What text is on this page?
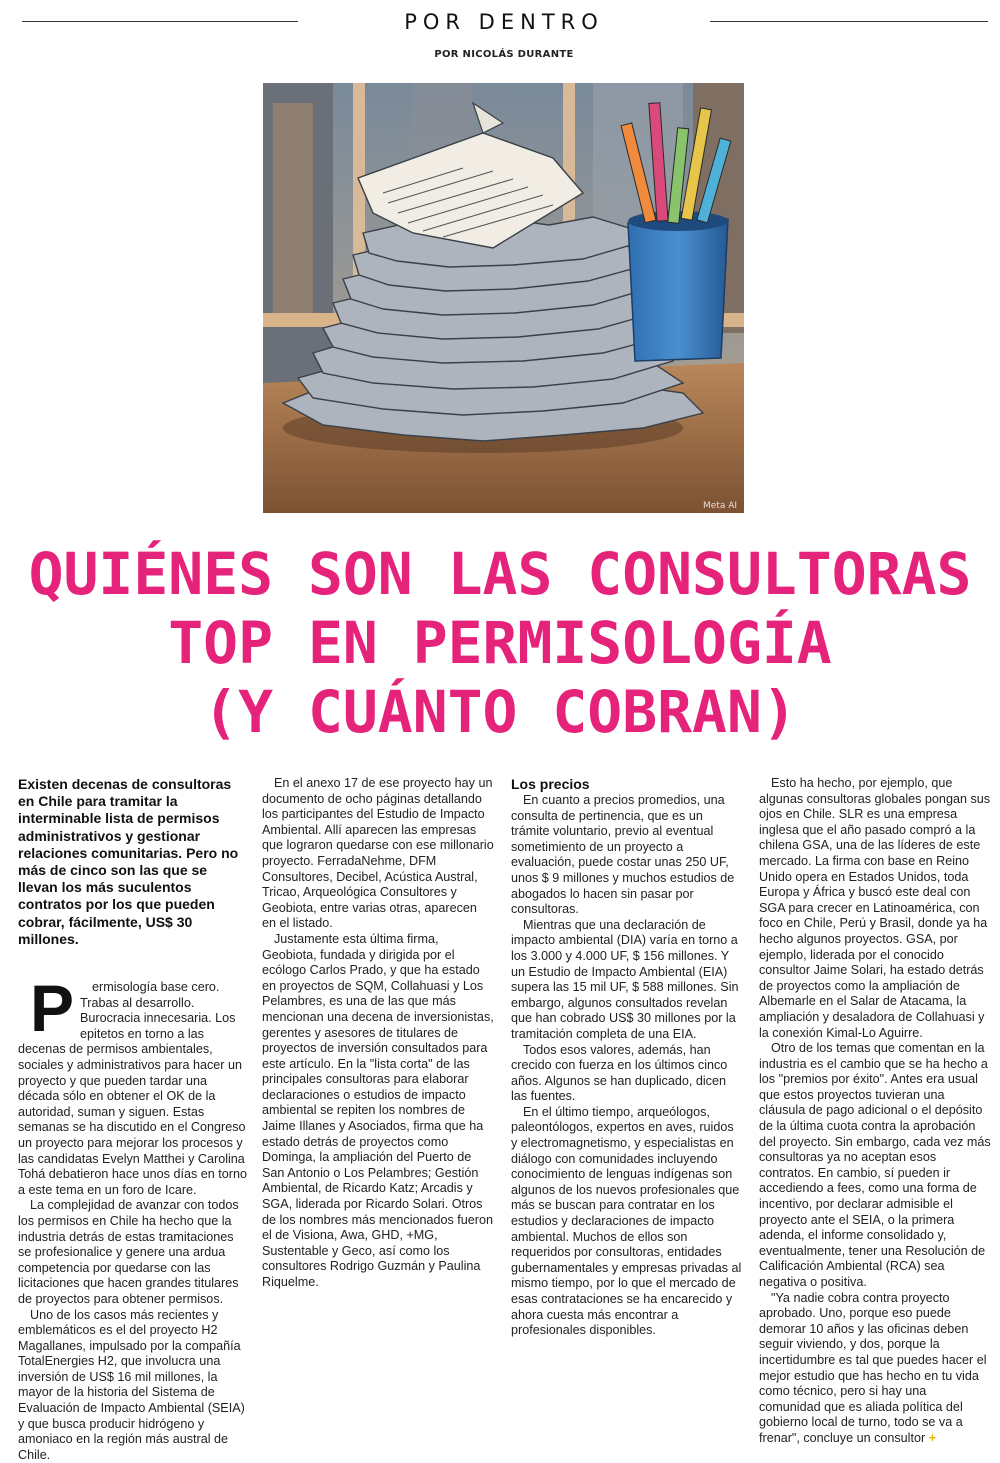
POR DENTRO
POR NICOLÁS DURANTE
Meta AI
QUIÉNES SON LAS CONSULTORAS
TOP EN PERMISOLOGÍA
(Y CUÁNTO COBRAN)
Existen decenas de consultoras en Chile para tramitar la interminable lista de permisos administrativos y gestionar relaciones comunitarias. Pero no más de cinco son las que se llevan los más suculentos contratos por los que pueden cobrar, fácilmente, US$ 30 millones.

P ermisología base cero. Trabas al desarrollo. Burocracia innecesaria. Los epitetos en torno a las decenas de permisos ambientales, sociales y administrativos para hacer un proyecto y que pueden tardar una década sólo en obtener el OK de la autoridad, suman y siguen. Estas semanas se ha discutido en el Congreso un proyecto para mejorar los procesos y las candidatas Evelyn Matthei y Carolina Tohá debatieron hace unos días en torno a este tema en un foro de Icare.

La complejidad de avanzar con todos los permisos en Chile ha hecho que la industria detrás de estas tramitaciones se profesionalice y genere una ardua competencia por quedarse con las licitaciones que hacen grandes titulares de proyectos para obtener permisos.

Uno de los casos más recientes y emblemáticos es el del proyecto H2 Magallanes, impulsado por la compañía TotalEnergies H2, que involucra una inversión de US$ 16 mil millones, la mayor de la historia del Sistema de Evaluación de Impacto Ambiental (SEIA) y que busca producir hidrógeno y amoniaco en la región más austral de Chile.

En el anexo 17 de ese proyecto hay un documento de ocho páginas detallando los participantes del Estudio de Impacto Ambiental. Allí aparecen las empresas que lograron quedarse con ese millonario proyecto. FerradaNehme, DFM Consultores, Decibel, Acústica Austral, Tricao, Arqueológica Consultores y Geobiota, entre varias otras, aparecen en el listado.

Justamente esta última firma, Geobiota, fundada y dirigida por el ecólogo Carlos Prado, y que ha estado en proyectos de SQM, Collahuasi y Los Pelambres, es una de las que más mencionan una decena de inversionistas, gerentes y asesores de titulares de proyectos de inversión consultados para este artículo. En la "lista corta" de las principales consultoras para elaborar declaraciones o estudios de impacto ambiental se repiten los nombres de Jaime Illanes y Asociados, firma que ha estado detrás de proyectos como Dominga, la ampliación del Puerto de San Antonio o Los Pelambres; Gestión Ambiental, de Ricardo Katz; Arcadis y SGA, liderada por Ricardo Solari. Otros de los nombres más mencionados fueron el de Visiona, Awa, GHD, +MG, Sustentable y Geco, así como los consultores Rodrigo Guzmán y Paulina Riquelme.

Los precios

En cuanto a precios promedios, una consulta de pertinencia, que es un trámite voluntario, previo al eventual sometimiento de un proyecto a evaluación, puede costar unas 250 UF, unos $ 9 millones y muchos estudios de abogados lo hacen sin pasar por consultoras.

Mientras que una declaración de impacto ambiental (DIA) varía en torno a los 3.000 y 4.000 UF, $ 156 millones. Y un Estudio de Impacto Ambiental (EIA) supera las 15 mil UF, $ 588 millones. Sin embargo, algunos consultados revelan que han cobrado US$ 30 millones por la tramitación completa de una EIA.

Todos esos valores, además, han crecido con fuerza en los últimos cinco años. Algunos se han duplicado, dicen las fuentes.

En el último tiempo, arqueólogos, paleontólogos, expertos en aves, ruidos y electromagnetismo, y especialistas en diálogo con comunidades incluyendo conocimiento de lenguas indígenas son algunos de los nuevos profesionales que más se buscan para contratar en los estudios y declaraciones de impacto ambiental. Muchos de ellos son requeridos por consultoras, entidades gubernamentales y empresas privadas al mismo tiempo, por lo que el mercado de esas contrataciones se ha encarecido y ahora cuesta más encontrar a profesionales disponibles.

Esto ha hecho, por ejemplo, que algunas consultoras globales pongan sus ojos en Chile. SLR es una empresa inglesa que el año pasado compró a la chilena GSA, una de las líderes de este mercado. La firma con base en Reino Unido opera en Estados Unidos, toda Europa y África y buscó este deal con SGA para crecer en Latinoamérica, con foco en Chile, Perú y Brasil, donde ya ha hecho algunos proyectos. GSA, por ejemplo, liderada por el conocido consultor Jaime Solari, ha estado detrás de proyectos como la ampliación de Albemarle en el Salar de Atacama, la ampliación y desaladora de Collahuasi y la conexión Kimal-Lo Aguirre.

Otro de los temas que comentan en la industria es el cambio que se ha hecho a los "premios por éxito". Antes era usual que estos proyectos tuvieran una cláusula de pago adicional o el depósito de la última cuota contra la aprobación del proyecto. Sin embargo, cada vez más consultoras ya no aceptan esos contratos. En cambio, sí pueden ir accediendo a fees, como una forma de incentivo, por declarar admisible el proyecto ante el SEIA, o la primera adenda, el informe consolidado y, eventualmente, tener una Resolución de Calificación Ambiental (RCA) sea negativa o positiva.

"Ya nadie cobra contra proyecto aprobado. Uno, porque eso puede demorar 10 años y las oficinas deben seguir viviendo, y dos, porque la incertidumbre es tal que puedes hacer el mejor estudio que has hecho en tu vida como técnico, pero si hay una comunidad que es aliada política del gobierno local de turno, todo se va a frenar", concluye un consultor +
